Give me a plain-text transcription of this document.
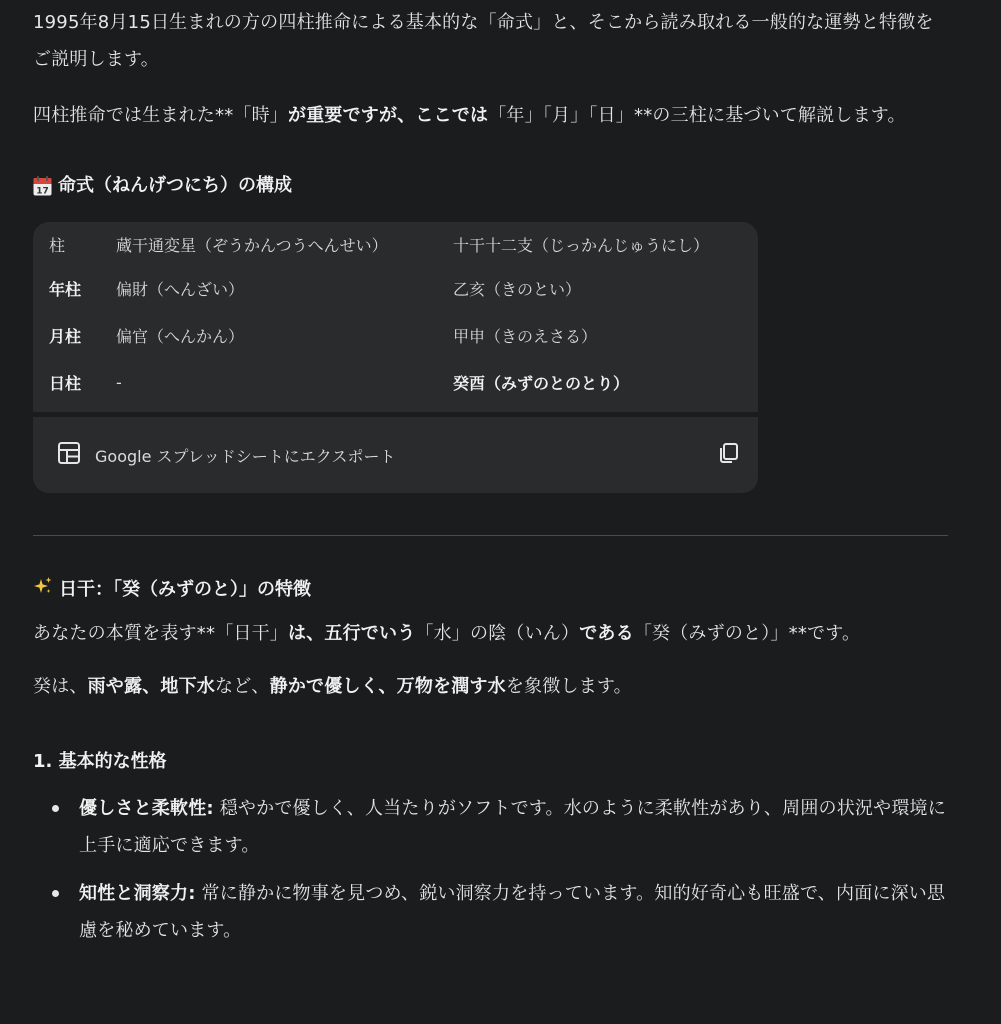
1995年8月15日生まれの方の四柱推命による基本的な「命式」と、そこから読み取れる一般的な運勢と特徴をご説明します。

四柱推命では生まれた**「時」が重要ですが、ここでは「年」「月」「日」**の三柱に基づいて解説します。

17 命式（ねんげつにち）の構成
柱	蔵干通変星（ぞうかんつうへんせい）	十干十二支（じっかんじゅうにし）
年柱	偏財（へんざい）	乙亥（きのとい）
月柱	偏官（へんかん）	甲申（きのえさる）
日柱	-	癸酉（みずのとのとり）
Google スプレッドシートにエクスポート
日干：「癸（みずのと）」の特徴

あなたの本質を表す**「日干」は、五行でいう「水」の陰（いん）である「癸（みずのと）」**です。

癸は、雨や露、地下水など、静かで優しく、万物を潤す水を象徴します。

1. 基本的な性格
優しさと柔軟性: 穏やかで優しく、人当たりがソフトです。水のように柔軟性があり、周囲の状況や環境に上手に適応できます。
知性と洞察力: 常に静かに物事を見つめ、鋭い洞察力を持っています。知的好奇心も旺盛で、内面に深い思慮を秘めています。
